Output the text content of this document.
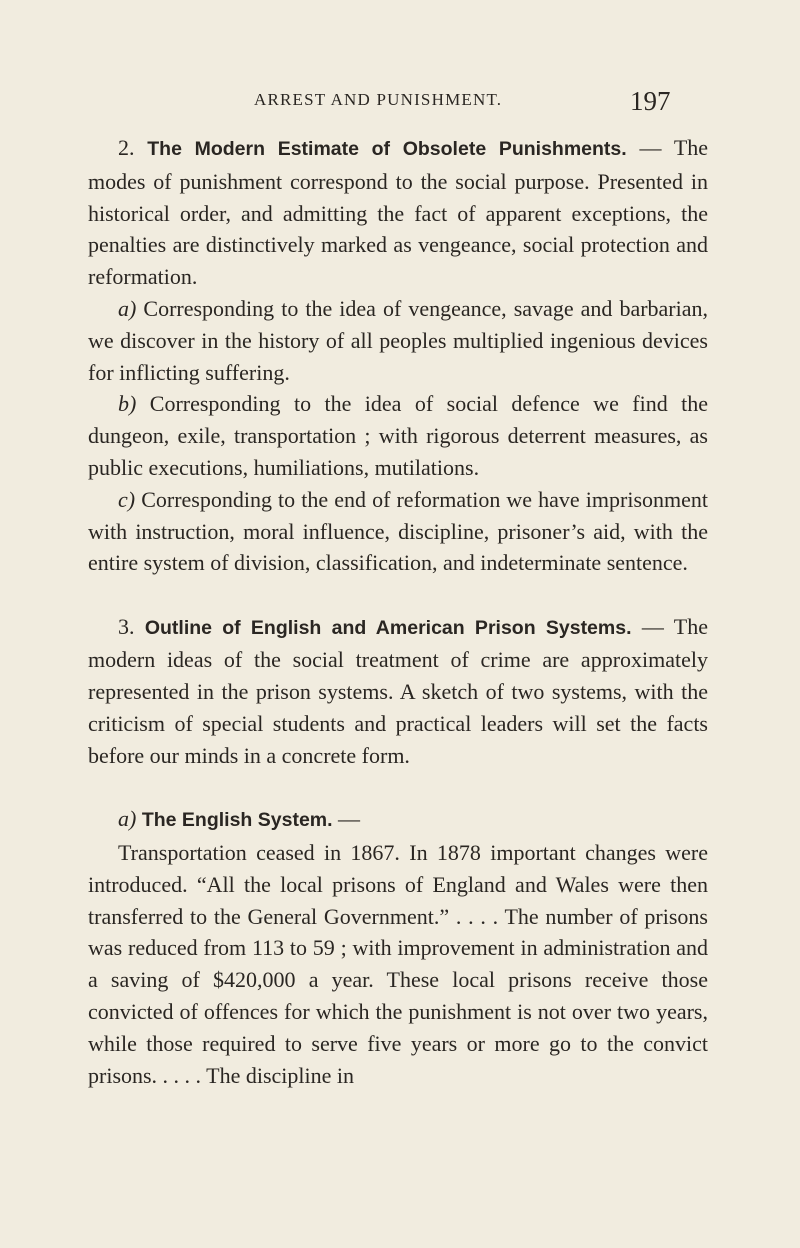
ARREST AND PUNISHMENT.	197

2. The Modern Estimate of Obsolete Punishments. — The modes of punishment correspond to the social purpose. Presented in historical order, and admitting the fact of apparent exceptions, the penalties are distinctively marked as vengeance, social protection and reformation.

a) Corresponding to the idea of vengeance, savage and barbarian, we discover in the history of all peoples multiplied ingenious devices for inflicting suffering.

b) Corresponding to the idea of social defence we find the dungeon, exile, transportation ; with rigorous deterrent measures, as public executions, humiliations, mutilations.

c) Corresponding to the end of reformation we have imprisonment with instruction, moral influence, discipline, prisoner’s aid, with the entire system of division, classification, and indeterminate sentence.

3. Outline of English and American Prison Systems. — The modern ideas of the social treatment of crime are approximately represented in the prison systems. A sketch of two systems, with the criticism of special students and practical leaders will set the facts before our minds in a concrete form.

a) The English System. —

Transportation ceased in 1867. In 1878 important changes were introduced. “All the local prisons of England and Wales were then transferred to the General Government.” . . . . The number of prisons was reduced from 113 to 59 ; with improvement in administration and a saving of $420,000 a year. These local prisons receive those convicted of offences for which the punishment is not over two years, while those required to serve five years or more go to the convict prisons. . . . . The discipline in
